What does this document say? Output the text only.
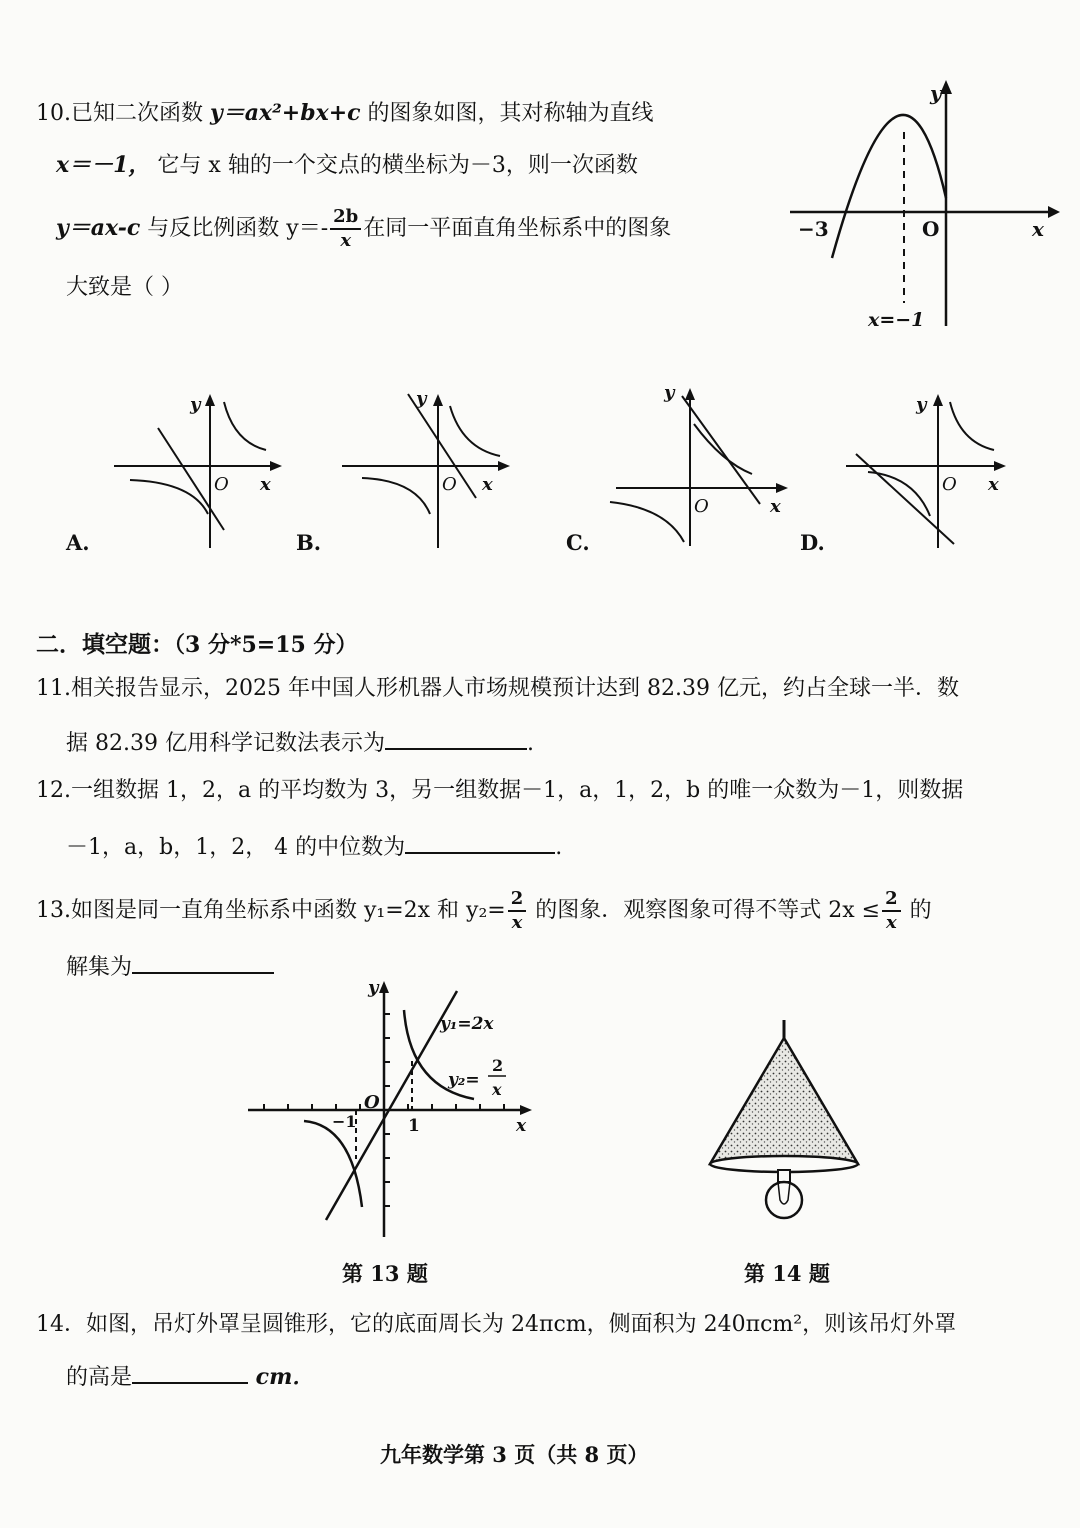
10.已知二次函数 y＝ax²+bx+c 的图象如图，其对称轴为直线
x＝－1， 它与 x 轴的一个交点的横坐标为－3，则一次函数
y＝ax-c 与反比例函数 $y=- \frac{2b}{x}$ 在同一平面直角坐标系中的图象
大致是（ ）
y
x
O
−3
x=−1
y
O x
A.
y
O x
B.
y
O	x
C.
y
O x
D.
二．填空题：（3 分*5=15 分）
11.相关报告显示，2025 年中国人形机器人市场规模预计达到 82.39 亿元，约占全球一半．数
据 82.39 亿用科学记数法表示为	.
12.一组数据 1，2，a 的平均数为 3，另一组数据－1，a，1，2，b 的唯一众数为－1，则数据
－1，a，b，1，2， 4 的中位数为	.
13.如图是同一直角坐标系中函数 y₁=2x 和 $y_2= \frac{2}{x}$ 的图象．观察图象可得不等式 $2x \le \frac{2}{x}$ 的
解集为
y
x
O
1
−1
y₁=2x
y₂=
2
x
第 13 题	第 14 题
14．如图，吊灯外罩呈圆锥形，它的底面周长为 24πcm，侧面积为 240πcm²，则该吊灯外罩
的高是	cm．
九年数学第 3 页（共 8 页）
